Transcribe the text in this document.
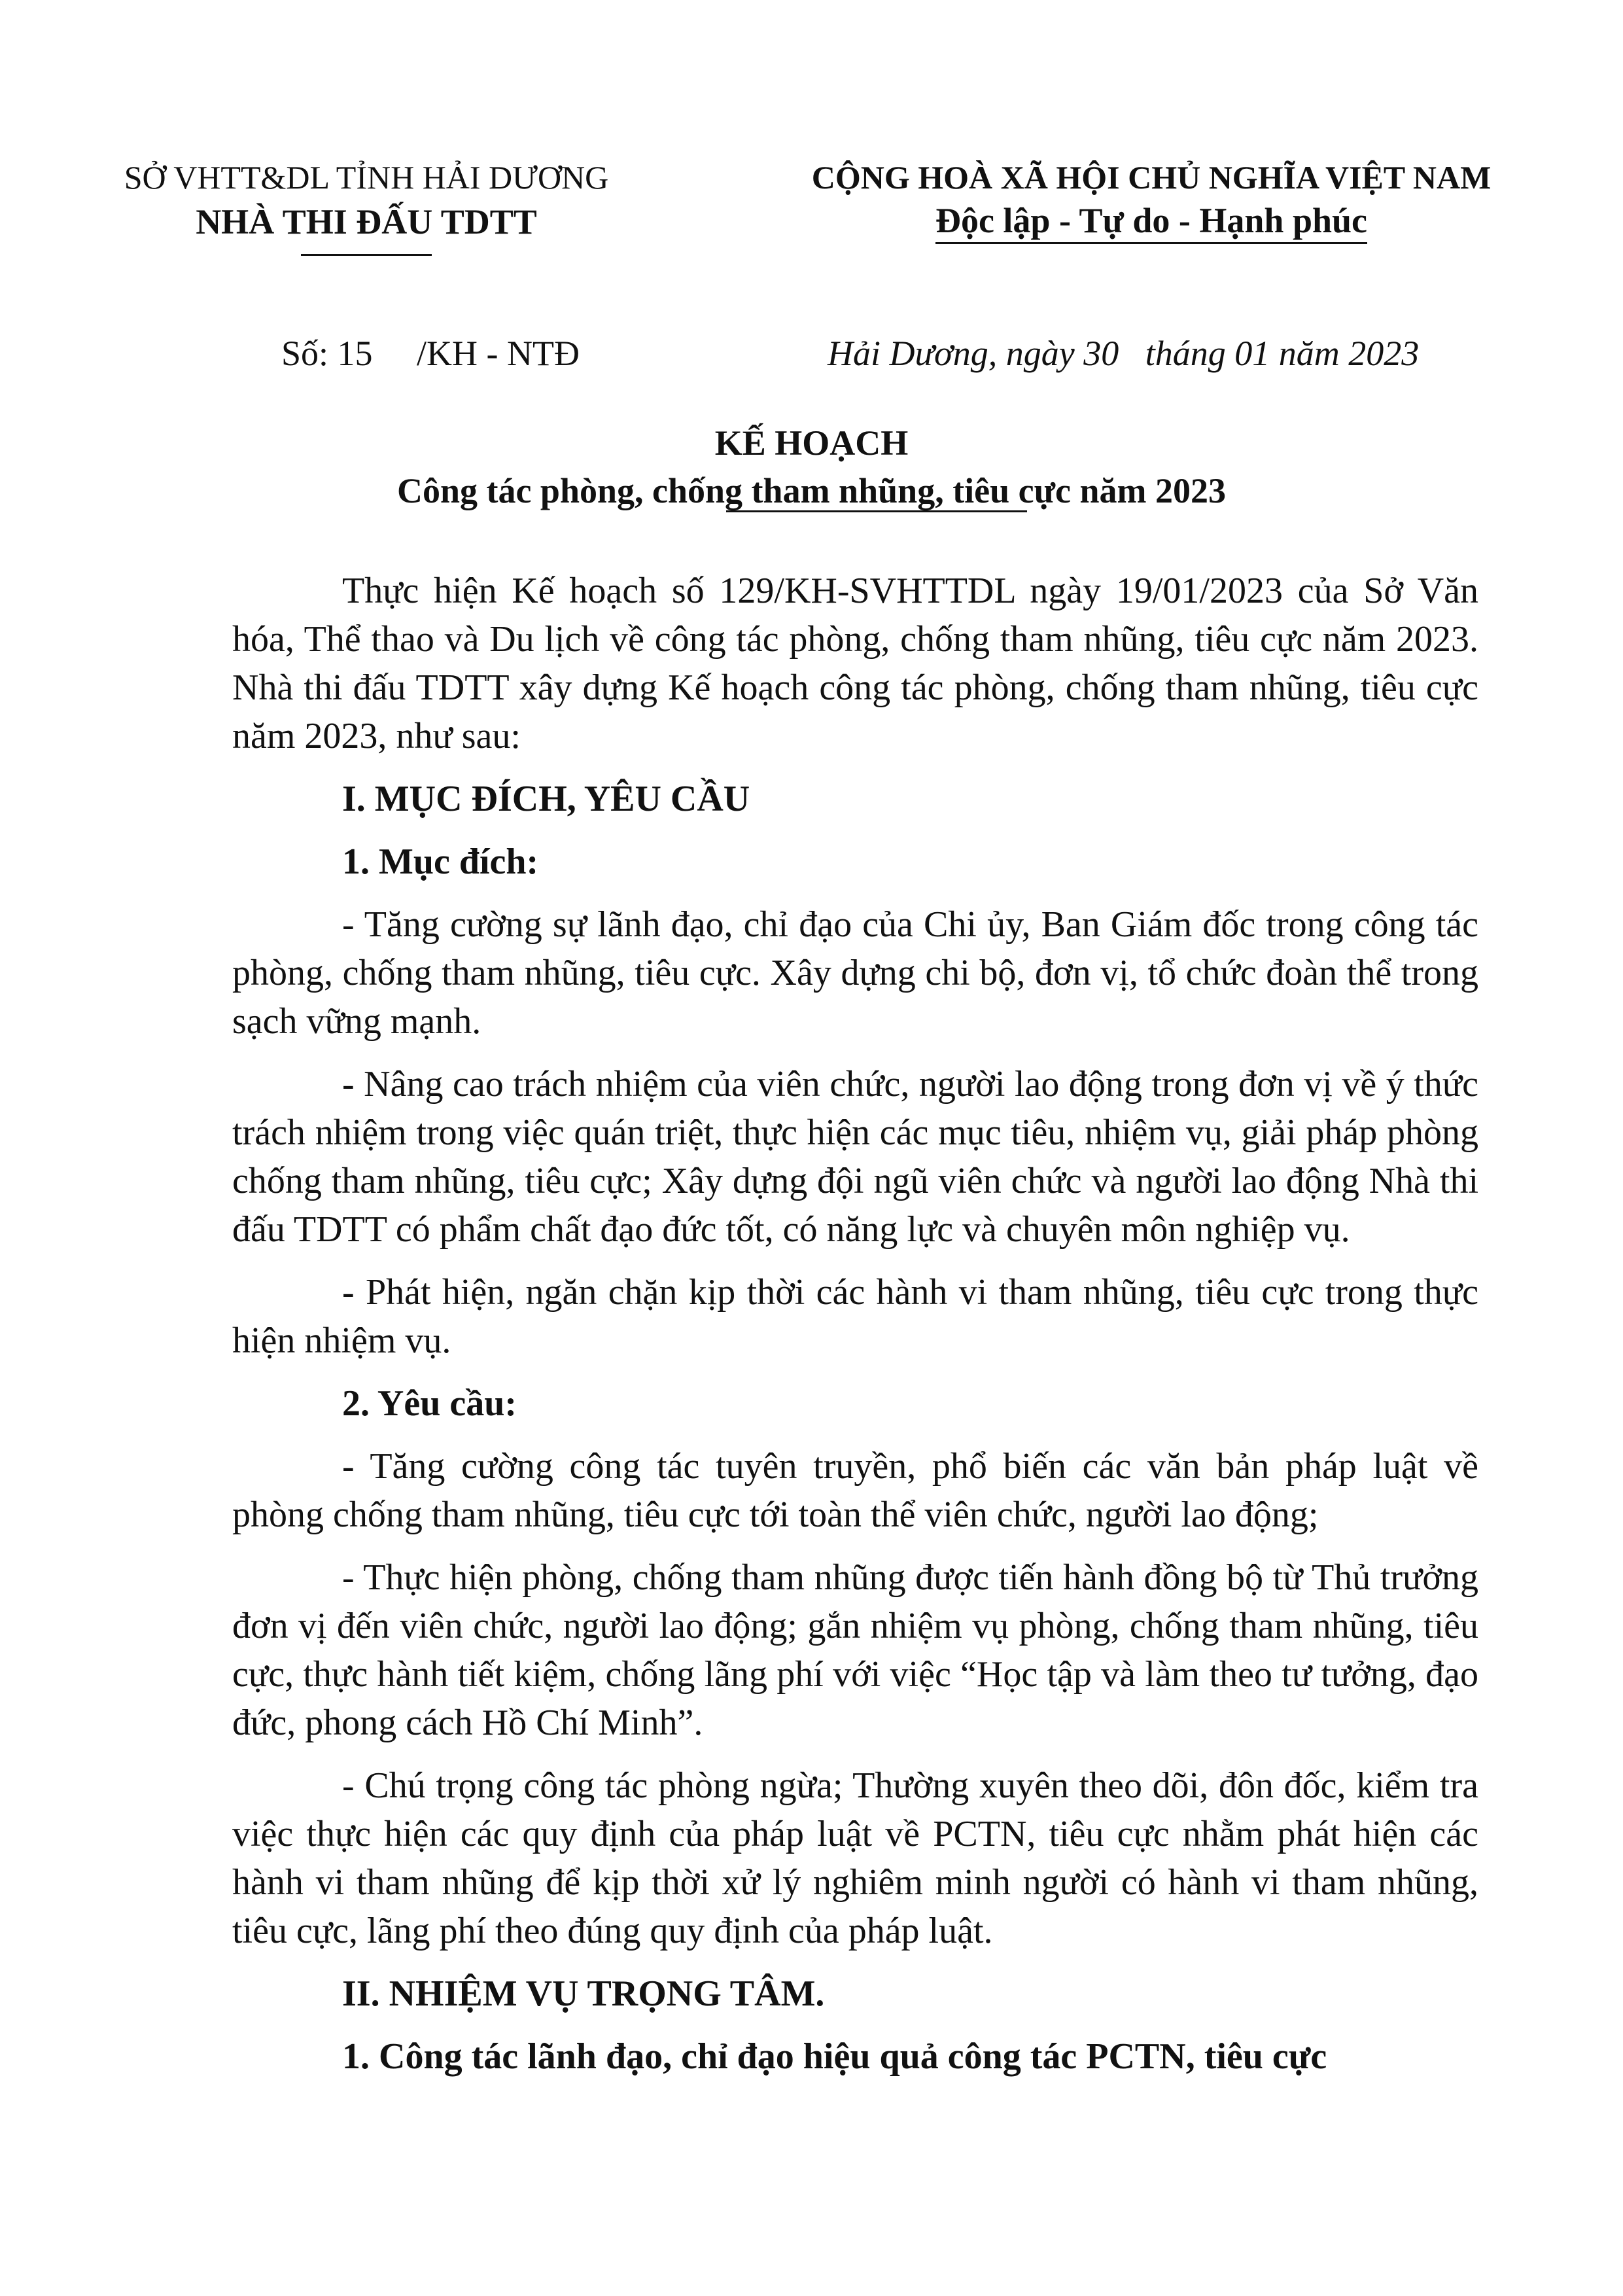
SỞ VHTT&DL TỈNH HẢI DƯƠNG
NHÀ THI ĐẤU TDTT
CỘNG HOÀ XÃ HỘI CHỦ NGHĨA VIỆT NAM
Độc lập - Tự do - Hạnh phúc
Số: 15     /KH - NTĐ	Hải Dương, ngày 30   tháng 01 năm 2023
KẾ HOẠCH
Công tác phòng, chống tham nhũng, tiêu cực năm 2023

Thực hiện Kế hoạch số 129/KH-SVHTTDL ngày 19/01/2023 của Sở Văn hóa, Thể thao và Du lịch về công tác phòng, chống tham nhũng, tiêu cực năm 2023. Nhà thi đấu TDTT xây dựng Kế hoạch công tác phòng, chống tham nhũng, tiêu cực năm 2023, như sau:

I. MỤC ĐÍCH, YÊU CẦU
1. Mục đích:

- Tăng cường sự lãnh đạo, chỉ đạo của Chi ủy, Ban Giám đốc trong công tác phòng, chống tham nhũng, tiêu cực. Xây dựng chi bộ, đơn vị, tổ chức đoàn thể trong sạch vững mạnh.

- Nâng cao trách nhiệm của viên chức, người lao động trong đơn vị về ý thức trách nhiệm trong việc quán triệt, thực hiện các mục tiêu, nhiệm vụ, giải pháp phòng chống tham nhũng, tiêu cực; Xây dựng đội ngũ viên chức và người lao động Nhà thi đấu TDTT có phẩm chất đạo đức tốt, có năng lực và chuyên môn nghiệp vụ.

- Phát hiện, ngăn chặn kịp thời các hành vi tham nhũng, tiêu cực trong thực hiện nhiệm vụ.

2. Yêu cầu:

- Tăng cường công tác tuyên truyền, phổ biến các văn bản pháp luật về phòng chống tham nhũng, tiêu cực tới toàn thể viên chức, người lao động;

- Thực hiện phòng, chống tham nhũng được tiến hành đồng bộ từ Thủ trưởng đơn vị đến viên chức, người lao động; gắn nhiệm vụ phòng, chống tham nhũng, tiêu cực, thực hành tiết kiệm, chống lãng phí với việc “Học tập và làm theo tư tưởng, đạo đức, phong cách Hồ Chí Minh”.

- Chú trọng công tác phòng ngừa; Thường xuyên theo dõi, đôn đốc, kiểm tra việc thực hiện các quy định của pháp luật về PCTN, tiêu cực nhằm phát hiện các hành vi tham nhũng để kịp thời xử lý nghiêm minh người có hành vi tham nhũng, tiêu cực, lãng phí theo đúng quy định của pháp luật.

II. NHIỆM VỤ TRỌNG TÂM.
1. Công tác lãnh đạo, chỉ đạo hiệu quả công tác PCTN, tiêu cực
